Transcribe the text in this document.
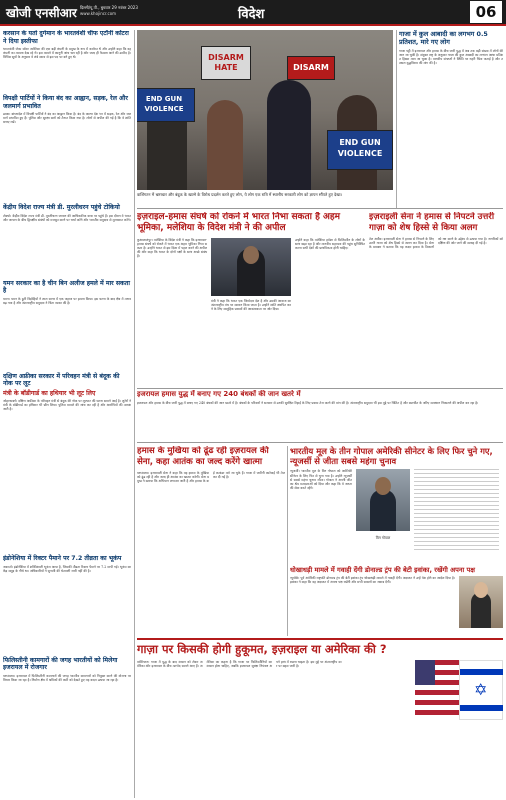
खोजी एनसीआर दिल्ली/यू.पी., बुधवार 29 नवंबर 2023
www.khojincr.com	विदेश	06
करसान के यतो दुर्गमान के भारतवंशी चीफ एटॉर्नी कोंटरा ने दिया इस्तीफा
भारतवंशी जेम्स सॉयर अमेरिका की एक बड़ी कंपनी के प्रमुख के रूप में कार्यरत थे और उन्होंने कहा कि वह कंपनी का मामला देख रहे थे। इस मामले में कानूनी जांच चल रही है और जल्द ही फैसला आने की उम्मीद है। विभिन्न सूत्रों के अनुसार वे लंबे समय से इस पद पर बने हुए थे।
विपक्षी पार्टियों ने किया बंद का आह्वान, सड़क, रेल और जलमार्ग प्रभावित
ढाका। बांग्लादेश में विपक्षी पार्टियों ने बंद का आह्वान किया है। बंद के कारण देश भर में सड़क, रेल और जलमार्ग प्रभावित हुए हैं। पुलिस और सुरक्षा बलों को तैनात किया गया है। लोगों से अपील की गई है कि वे शांति बनाए रखें।
केंद्रीय विदेश राज्य मंत्री डी. मुरलीधरन पहुंचे टोकियो
टोक्यो। केंद्रीय विदेश राज्य मंत्री डी. मुरलीधरन जापान की आधिकारिक यात्रा पर पहुंचे हैं। इस दौरान वे भारत और जापान के बीच द्विपक्षीय संबंधों को मजबूत करने पर चर्चा करेंगे और भारतीय समुदाय से मुलाकात करेंगे।
यमन सरकार का है चीन बिन अलीज हमले में मार सकता है
यमन। यमन के हूती विद्रोहियों ने लाल सागर में एक जहाज पर हमला किया। इस घटना के बाद क्षेत्र में तनाव बढ़ गया है और अंतरराष्ट्रीय समुदाय ने चिंता व्यक्त की है।
दक्षिण अफ्रीका सरकार में परिवहन मंत्री से बंदूक की नोक पर लूट
मंत्री के बॉडीगार्ड का हथियार भी लूट लिए
जोहान्सबर्ग। दक्षिण अफ्रीका के परिवहन मंत्री से बंदूक की नोक पर लूटपाट की घटना सामने आई है। लुटेरों ने मंत्री के बॉडीगार्ड का हथियार भी छीन लिया। पुलिस मामले की जांच कर रही है और आरोपियों की तलाश जारी है।
इंडोनेशिया में रिक्टर पैमाने पर 7.2 तीव्रता का भूकंप
जकार्ता। इंडोनेशिया में शक्तिशाली भूकंप आया है, जिसकी तीव्रता रिक्टर पैमाने पर 7.2 मापी गई। भूकंप का केंद्र समुद्र के नीचे था। अधिकारियों ने सुनामी की चेतावनी जारी नहीं की है।
फिलिस्तीनी कामगारों की जगह भारतीयों को मिलेगा इजरायल में रोजगार
यरूशलम। इजरायल में फिलिस्तीनी कामगारों की जगह भारतीय कामगारों को नियुक्त करने की योजना पर विचार किया जा रहा है। निर्माण क्षेत्र में श्रमिकों की कमी को देखते हुए यह कदम उठाया जा रहा है।
END GUN VIOLENCE
DISARM HATE	DISARM
END GUN VIOLENCE
वाशिंगटन में भ्रष्टाचार और बंदूक के खात्मे के विरोध प्रदर्शन करते हुए लोग, ये लोग एक रात्रि में स्थानीय सरकारी लोग को ज्ञापन सौंपते हुए देखा।
गाजा में कुल आबादी का लगभग 0.5 प्रतिशत, मारे गए लोग
गाजा पट्टी में इजरायल और हमास के बीच जारी युद्ध में अब तक बड़ी संख्या में लोगों की जान जा चुकी है। संयुक्त राष्ट्र के अनुसार गाजा की कुल आबादी का लगभग आधा प्रतिशत हिस्सा मारा जा चुका है। मानवीय संगठनों ने स्थिति पर गहरी चिंता जताई है और तत्काल युद्धविराम की मांग की है।
इज़राइल-हमास संघर्ष को रोकने में भारत निभा सकता है अहम भूमिका, मलेशिया के विदेश मंत्री ने की अपील
कुआलालंपुर। मलेशिया के विदेश मंत्री ने कहा कि इजरायल-हमास संघर्ष को रोकने में भारत एक अहम भूमिका निभा सकता है। उन्होंने भारत से इस दिशा में पहल करने की अपील की और कहा कि भारत के दोनों पक्षों के साथ अच्छे संबंध हैं।
मंत्री ने कहा कि भारत एक जिम्मेदार देश है और उसकी आवाज का अंतरराष्ट्रीय मंच पर सम्मान किया जाता है। उन्होंने शांति स्थापित करने के लिए सामूहिक प्रयासों की आवश्यकता पर जोर दिया।
उन्होंने कहा कि मलेशिया हमेशा से फिलिस्तीन के लोगों के साथ खड़ा रहा है और मानवीय सहायता की पहुंच सुनिश्चित करना सभी देशों की प्राथमिकता होनी चाहिए।
इज़राइली सेना ने हमास से निपटने उत्तरी गाज़ा को शेष हिस्से से किया अलग
तेल अवीव। इजरायली सेना ने हमास से निपटने के लिए उत्तरी गाजा को शेष हिस्से से अलग कर दिया है। सेना के प्रवक्ता ने बताया कि यह कदम हमास के ठिकानों को नष्ट करने के उद्देश्य से उठाया गया है। नागरिकों को दक्षिण की ओर जाने की सलाह दी गई है।
इजरायल हमास युद्ध में बनाए गए 240 बंधकों की जान खतरे में
इजरायल और हमास के बीच जारी युद्ध में बनाए गए 240 बंधकों की जान खतरे में है। बंधकों के परिवारों ने सरकार से उनकी सुरक्षित रिहाई के लिए प्रयास तेज करने की मांग की है। अंतरराष्ट्रीय समुदाय भी इस मुद्दे पर चिंतित है और बातचीत के जरिए समाधान निकालने की अपील कर रहा है।
हमास के मुखिया को ढूंढ रही इज़रायल की सेना, कहा आतंक का जल्द करेंगे खात्मा
यरूशलम। इजरायली सेना ने कहा कि वह हमास के मुखिया को ढूंढ रही है और जल्द ही आतंक का खात्मा करेगी। सेना प्रमुख ने बताया कि अभियान लगातार जारी है और हमास के कई कमांडर मारे जा चुके हैं। गाजा में जमीनी कार्रवाई भी तेज कर दी गई है।
भारतीय मूल के तीन गोपाल अमेरिकी सीनेटर के लिए फिर चुने गए, न्यूजर्सी से जीता सबसे महंगा चुनाव
न्यूजर्सी। भारतीय मूल के विन गोपाल को अमेरिकी सीनेटर के लिए फिर से चुना गया है। उन्होंने न्यूजर्सी से सबसे महंगा चुनाव जीता। गोपाल ने अपनी जीत का श्रेय मतदाताओं को दिया और कहा कि वे जनता की सेवा करते रहेंगे।
विन गोपाल
धोखाधड़ी मामले में गवाही देंगी डोनाल्ड ट्रंप की बेटी इवांका, रखेंगी अपना पक्ष
न्यूयॉर्क। पूर्व अमेरिकी राष्ट्रपति डोनाल्ड ट्रंप की बेटी इवांका ट्रंप धोखाधड़ी मामले में गवाही देंगी। अदालत ने उन्हें पेश होने का आदेश दिया है। इवांका ने कहा कि वह अदालत में अपना पक्ष रखेंगी और सभी सवालों का जवाब देंगी।
गाज़ा पर किसकी होगी हुकूमत, इज़राइल या अमेरिका की ?
वाशिंगटन। गाजा में युद्ध के बाद शासन को लेकर अमेरिका और इजरायल के बीच मतभेद सामने आए हैं। अमेरिका का कहना है कि गाजा पर फिलिस्तीनियों का शासन होना चाहिए, जबकि इजरायल सुरक्षा नियंत्रण अपने हाथ में रखना चाहता है। इस मुद्दे पर अंतरराष्ट्रीय स्तर पर बहस जारी है।
✡
